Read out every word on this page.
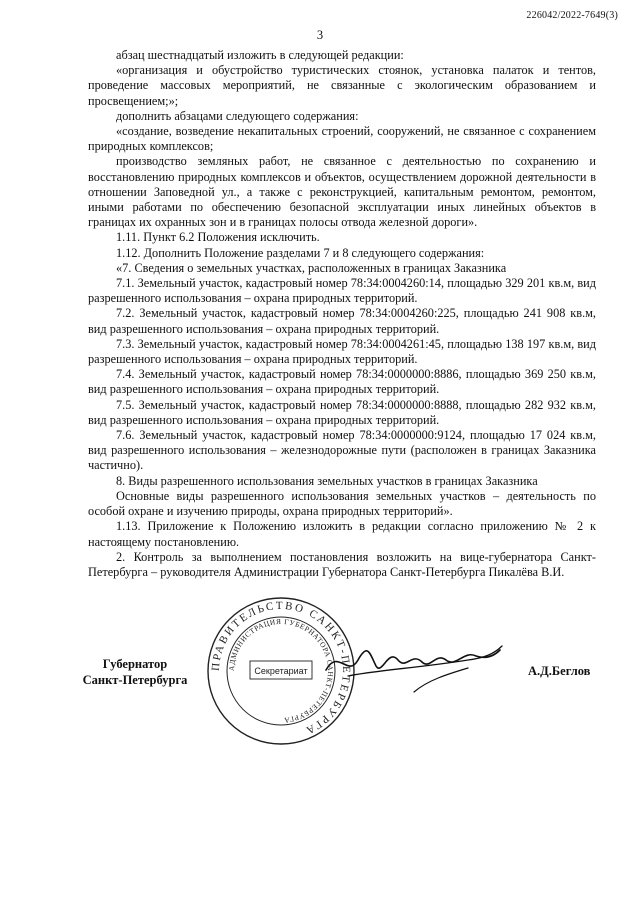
226042/2022-7649(3)
3

абзац шестнадцатый изложить в следующей редакции:

«организация и обустройство туристических стоянок, установка палаток и тентов, проведение массовых мероприятий, не связанные с экологическим образованием и просвещением;»;

дополнить абзацами следующего содержания:

«создание, возведение некапитальных строений, сооружений, не связанное с сохранением природных комплексов;

производство земляных работ, не связанное с деятельностью по сохранению и восстановлению природных комплексов и объектов, осуществлением дорожной деятельности в отношении Заповедной ул., а также с реконструкцией, капитальным ремонтом, ремонтом, иными работами по обеспечению безопасной эксплуатации иных линейных объектов в границах их охранных зон и в границах полосы отвода железной дороги».

1.11. Пункт 6.2 Положения исключить.

1.12. Дополнить Положение разделами 7 и 8 следующего содержания:

«7. Сведения о земельных участках, расположенных в границах Заказника

7.1. Земельный участок, кадастровый номер 78:34:0004260:14, площадью 329 201 кв.м, вид разрешенного использования – охрана природных территорий.

7.2. Земельный участок, кадастровый номер 78:34:0004260:225, площадью 241 908 кв.м, вид разрешенного использования – охрана природных территорий.

7.3. Земельный участок, кадастровый номер 78:34:0004261:45, площадью 138 197 кв.м, вид разрешенного использования – охрана природных территорий.

7.4. Земельный участок, кадастровый номер 78:34:0000000:8886, площадью 369 250 кв.м, вид разрешенного использования – охрана природных территорий.

7.5. Земельный участок, кадастровый номер 78:34:0000000:8888, площадью 282 932 кв.м, вид разрешенного использования – охрана природных территорий.

7.6. Земельный участок, кадастровый номер 78:34:0000000:9124, площадью 17 024 кв.м, вид разрешенного использования – железнодорожные пути (расположен в границах Заказника частично).

8. Виды разрешенного использования земельных участков в границах Заказника

Основные виды разрешенного использования земельных участков – деятельность по особой охране и изучению природы, охрана природных территорий».

1.13. Приложение к Положению изложить в редакции согласно приложению № 2 к настоящему постановлению.

2. Контроль за выполнением постановления возложить на вице-губернатора Санкт-Петербурга – руководителя Администрации Губернатора Санкт-Петербурга Пикалёва В.И.

Губернатор
Санкт-Петербурга
ПРАВИТЕЛЬСТВО САНКТ-ПЕТЕРБУРГА
АДМИНИСТРАЦИЯ ГУБЕРНАТОРА САНКТ-ПЕТЕРБУРГА
Секретариат	А.Д.Беглов
